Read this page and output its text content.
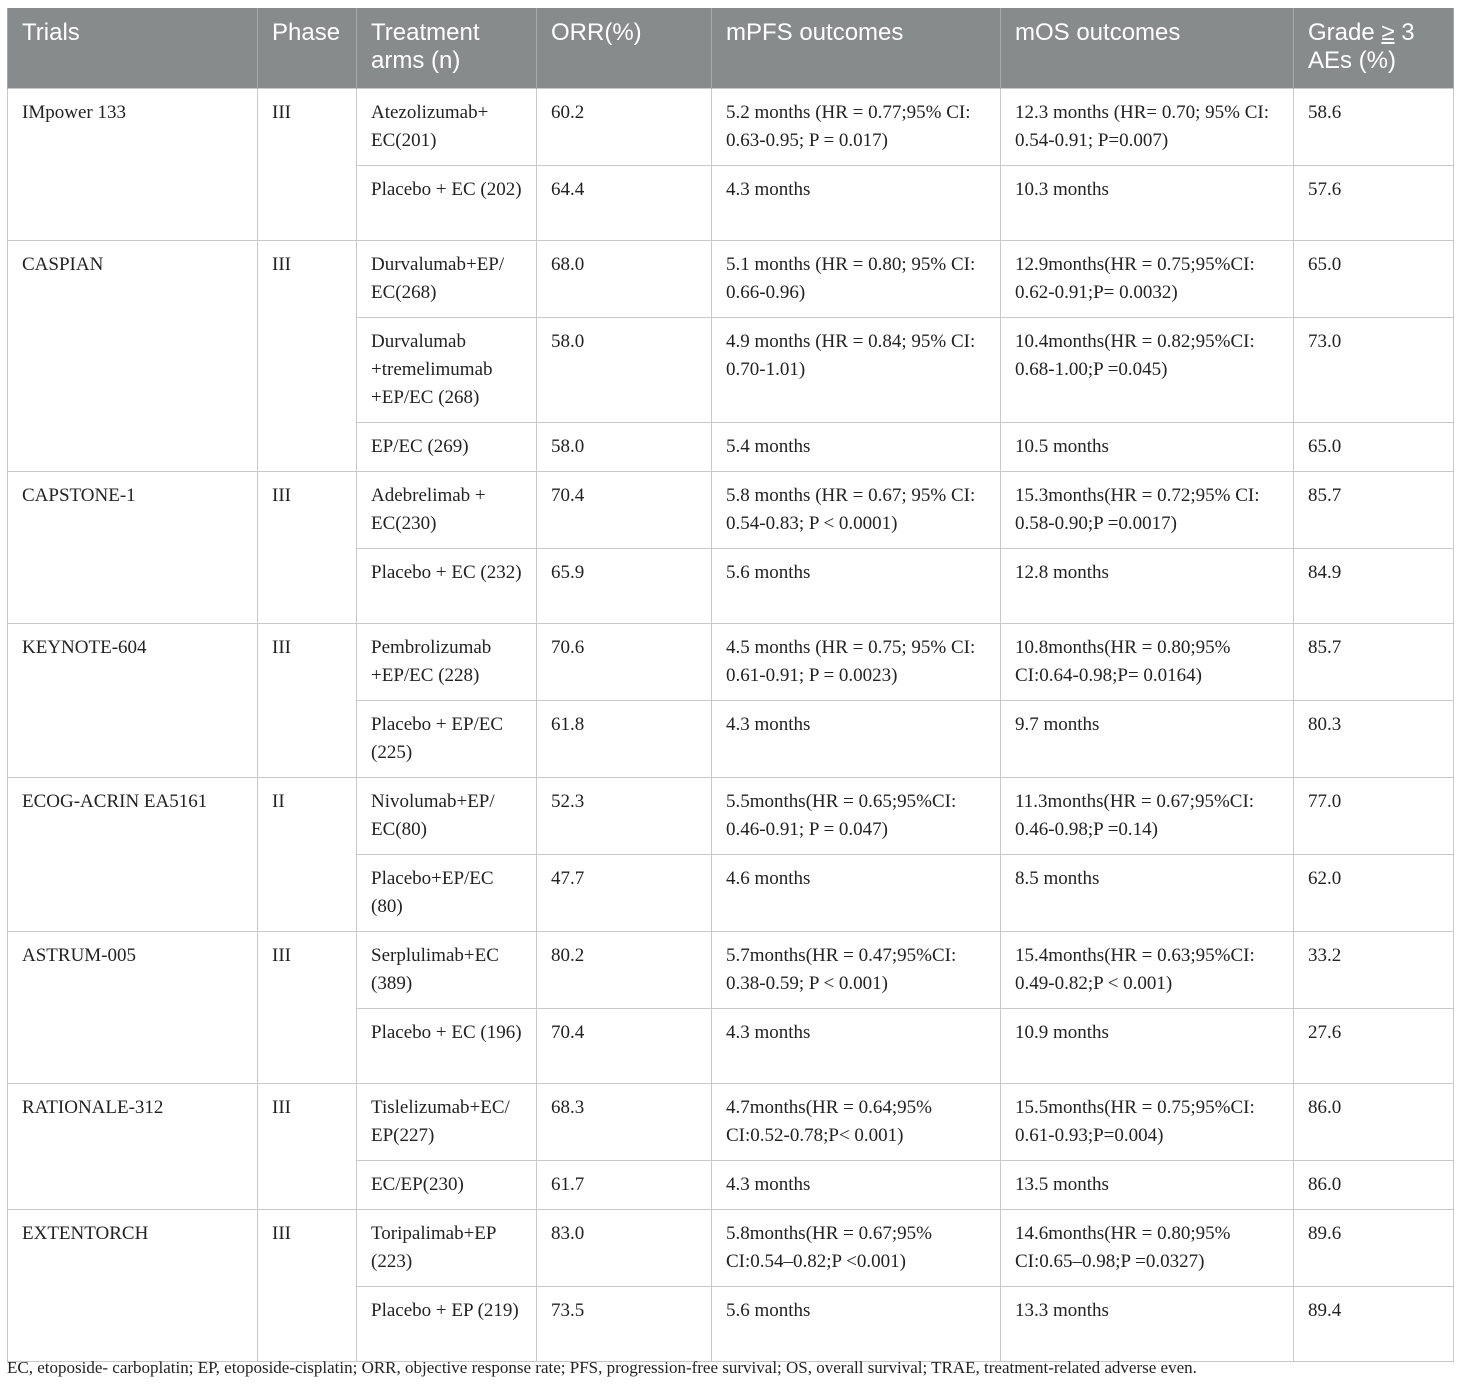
Trials	Phase	Treatment arms (n)	ORR(%)	mPFS outcomes	mOS outcomes	Grade ≥ 3 AEs (%)
IMpower 133	III	Atezolizumab+ EC(201)	60.2	5.2 months (HR = 0.77;95% CI: 0.63-0.95; P = 0.017)	12.3 months (HR= 0.70; 95% CI: 0.54-0.91; P=0.007)	58.6
		Placebo + EC (202)	64.4	4.3 months	10.3 months	57.6
CASPIAN	III	Durvalumab+EP/ EC(268)	68.0	5.1 months (HR = 0.80; 95% CI: 0.66-0.96)	12.9months(HR = 0.75;95%CI: 0.62-0.91;P= 0.0032)	65.0
		Durvalumab +tremelimumab +EP/EC (268)	58.0	4.9 months (HR = 0.84; 95% CI: 0.70-1.01)	10.4months(HR = 0.82;95%CI: 0.68-1.00;P =0.045)	73.0
		EP/EC (269)	58.0	5.4 months	10.5 months	65.0
CAPSTONE-1	III	Adebrelimab + EC(230)	70.4	5.8 months (HR = 0.67; 95% CI: 0.54-0.83; P < 0.0001)	15.3months(HR = 0.72;95% CI: 0.58-0.90;P =0.0017)	85.7
		Placebo + EC (232)	65.9	5.6 months	12.8 months	84.9
KEYNOTE-604	III	Pembrolizumab +EP/EC (228)	70.6	4.5 months (HR = 0.75; 95% CI: 0.61-0.91; P = 0.0023)	10.8months(HR = 0.80;95% CI:0.64-0.98;P= 0.0164)	85.7
		Placebo + EP/EC (225)	61.8	4.3 months	9.7 months	80.3
ECOG-ACRIN EA5161	II	Nivolumab+EP/ EC(80)	52.3	5.5months(HR = 0.65;95%CI: 0.46-0.91; P = 0.047)	11.3months(HR = 0.67;95%CI: 0.46-0.98;P =0.14)	77.0
		Placebo+EP/EC (80)	47.7	4.6 months	8.5 months	62.0
ASTRUM-005	III	Serplulimab+EC (389)	80.2	5.7months(HR = 0.47;95%CI: 0.38-0.59; P < 0.001)	15.4months(HR = 0.63;95%CI: 0.49-0.82;P < 0.001)	33.2
		Placebo + EC (196)	70.4	4.3 months	10.9 months	27.6
RATIONALE-312	III	Tislelizumab+EC/ EP(227)	68.3	4.7months(HR = 0.64;95% CI:0.52-0.78;P< 0.001)	15.5months(HR = 0.75;95%CI: 0.61-0.93;P=0.004)	86.0
		EC/EP(230)	61.7	4.3 months	13.5 months	86.0
EXTENTORCH	III	Toripalimab+EP (223)	83.0	5.8months(HR = 0.67;95% CI:0.54–0.82;P <0.001)	14.6months(HR = 0.80;95% CI:0.65–0.98;P =0.0327)	89.6
		Placebo + EP (219)	73.5	5.6 months	13.3 months	89.4
EC, etoposide- carboplatin; EP, etoposide-cisplatin; ORR, objective response rate; PFS, progression-free survival; OS, overall survival; TRAE, treatment-related adverse even.
